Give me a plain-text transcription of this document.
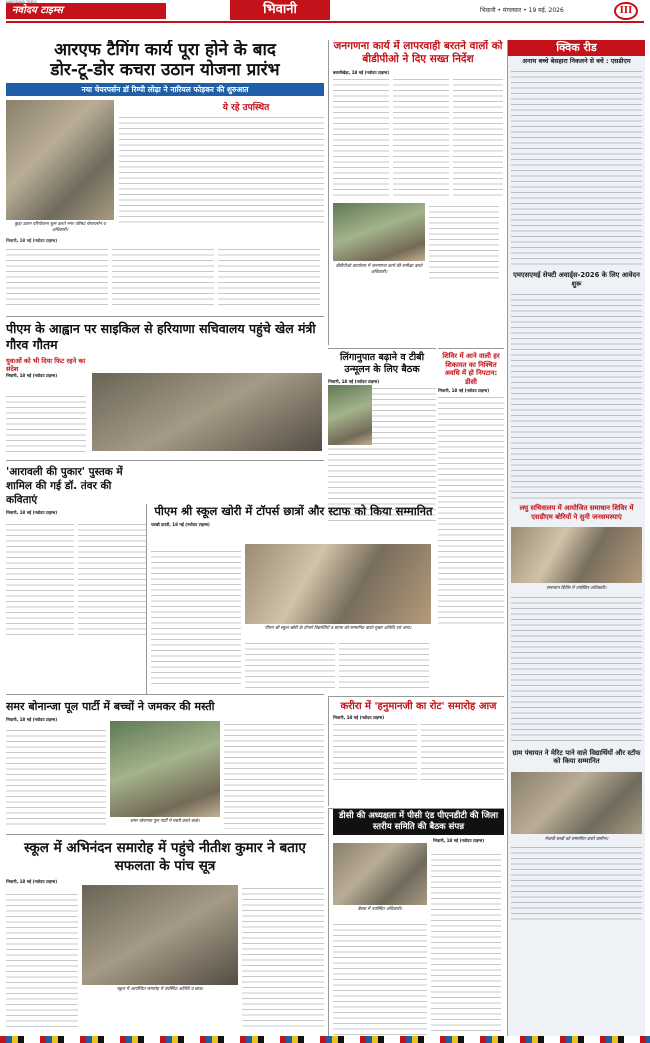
नवोदय टाइम्स
NAVODAYA TIMES	भिवानी	भिवानी • मंगलवार • 19 मई, 2026	III
आरएफ टैगिंग कार्य पूरा होने के बाद
डोर-टू-डोर कचरा उठान योजना प्रारंभ
नया चेयरपर्सन डॉ रिम्पी लोढ़ा ने नारियल फोड़कर की शुरुआत
ये रहे उपस्थित
कूड़ा उठान परियोजना शुरू करते नगर परिषद चेयरपर्सन व अधिकारी।
भिवानी, 18 मई (नवोदय टाइम्स)
जनगणना कार्य में लापरवाही बरतने वालों को बीडीपीओ ने दिए सख्त निर्देश
बवानीखेड़ा, 18 मई (नवोदय टाइम्स)
बीडीपीओ कार्यालय में जनगणना कार्य की समीक्षा करते अधिकारी।
क्विक रीड
अनाथ बच्चे बेसहारा निकलने से बचें : एसडीएम
एमएसएमई सेफ्टी अवार्ड्स-2026 के लिए आवेदन शुरू
लघु सचिवालय में आयोजित समाधान शिविर में एसडीएम बोरियों ने सुनी जनसमस्याएं
समाधान शिविर में उपस्थित अधिकारी।
ग्राम पंचायत ने मेरिट पाने वाले विद्यार्थियों और स्टॉफ को किया सम्मानित
मेधावी छात्रों को सम्मानित करते ग्रामीण।
पीएम के आह्वान पर साइकिल से हरियाणा सचिवालय पहुंचे खेल मंत्री गौरव गौतम
युवाओं को भी दिया फिट रहने का संदेश
भिवानी, 18 मई (नवोदय टाइम्स)
लिंगानुपात बढ़ाने व टीबी उन्मूलन के लिए बैठक
भिवानी, 18 मई (नवोदय टाइम्स)
शिविर में आने वाली हर शिकायत का निश्चित अवधि में हो निपटान: डीसी
भिवानी, 18 मई (नवोदय टाइम्स)
'आरावली की पुकार' पुस्तक में शामिल की गई डॉ. तंवर की कविताएं
भिवानी, 18 मई (नवोदय टाइम्स)	पीएम श्री स्कूल खोरी में टॉपर्स छात्रों और स्टाफ को किया सम्मानित
चरखी दादरी, 18 मई (नवोदय टाइम्स)
पीएम श्री स्कूल खोरी के टॉपर्स विद्यार्थियों व स्टाफ को सम्मानित करते मुख्य अतिथि एवं अन्य।
समर बोनान्जा पूल पार्टी में बच्चों ने जमकर की मस्ती
भिवानी, 18 मई (नवोदय टाइम्स)
समर बोनान्जा पूल पार्टी में मस्ती करते बच्चे।
करीरा में 'हनुमानजी का रोट' समारोह आज
भिवानी, 18 मई (नवोदय टाइम्स)
स्कूल में अभिनंदन समारोह में पहुंचे नीतीश कुमार ने बताए सफलता के पांच सूत्र
भिवानी, 18 मई (नवोदय टाइम्स)
स्कूल में आयोजित समारोह में उपस्थित अतिथि व छात्र।
डीसी की अध्यक्षता में पीसी एंड पीएनडीटी की जिला स्तरीय समिति की बैठक संपन्न
भिवानी, 18 मई (नवोदय टाइम्स)
बैठक में उपस्थित अधिकारी।
